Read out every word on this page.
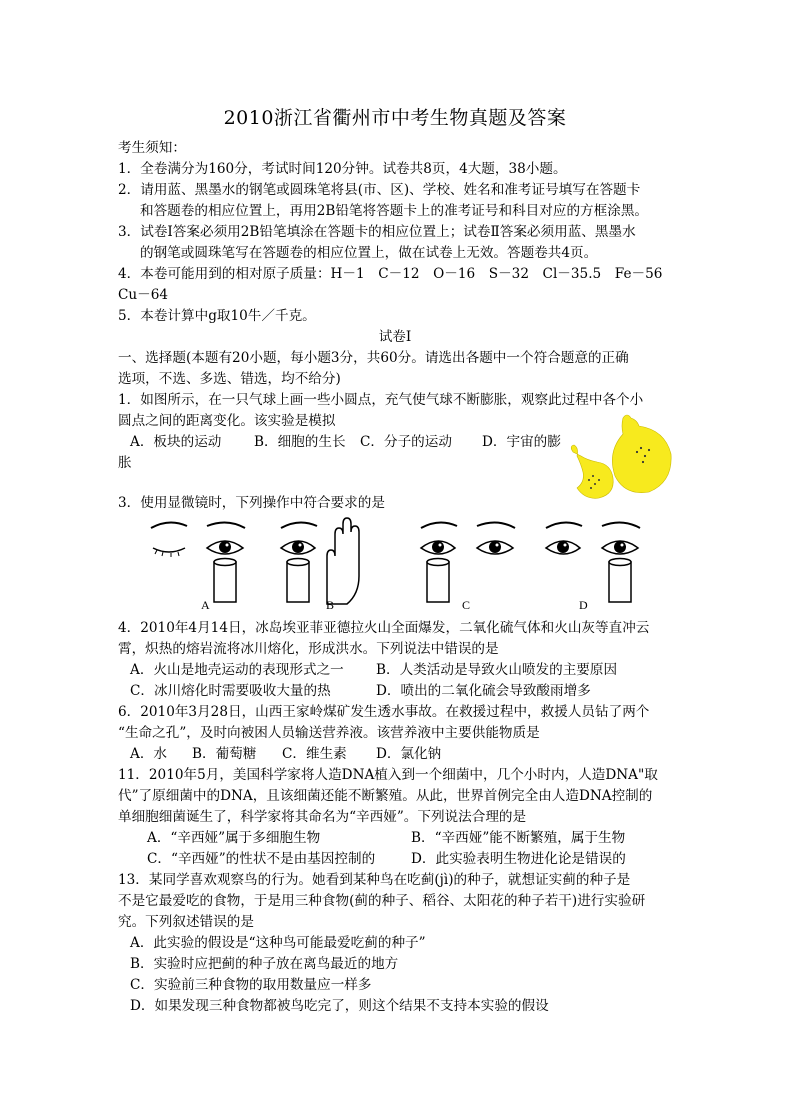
2010浙江省衢州市中考生物真题及答案
考生须知：
1．全卷满分为160分，考试时间120分钟。试卷共8页，4大题，38小题。
2．请用蓝、黑墨水的钢笔或圆珠笔将县(市、区)、学校、姓名和准考证号填写在答题卡
和答题卷的相应位置上，再用2B铅笔将答题卡上的准考证号和科目对应的方框涂黑。
3．试卷Ⅰ答案必须用2B铅笔填涂在答题卡的相应位置上；试卷Ⅱ答案必须用蓝、黑墨水
的钢笔或圆珠笔写在答题卷的相应位置上，做在试卷上无效。答题卷共4页。
4．本卷可能用到的相对原子质量：H－1　C－12　O－16　S－32　Cl－35.5　Fe－56
Cu－64
5．本卷计算中g取10牛／千克。
试卷Ⅰ
一、选择题(本题有20小题，每小题3分，共60分。请选出各题中一个符合题意的正确
选项，不选、多选、错选，均不给分)
1．如图所示，在一只气球上画一些小圆点，充气使气球不断膨胀，观察此过程中各个小
圆点之间的距离变化。该实验是模拟
A．板块的运动 B．细胞的生长 C．分子的运动 D．宇宙的膨
胀
3．使用显微镜时，下列操作中符合要求的是
A	B	C	D
4．2010年4月14日，冰岛埃亚菲亚德拉火山全面爆发，二氧化硫气体和火山灰等直冲云
霄，炽热的熔岩流将冰川熔化，形成洪水。下列说法中错误的是
A．火山是地壳运动的表现形式之一 B．人类活动是导致火山喷发的主要原因
C．冰川熔化时需要吸收大量的热	D．喷出的二氧化硫会导致酸雨增多
6．2010年3月28日，山西王家岭煤矿发生透水事故。在救援过程中，救援人员钻了两个
“生命之孔”，及时向被困人员输送营养液。该营养液中主要供能物质是
A．水 B．葡萄糖 C．维生素 D．氯化钠
11．2010年5月，美国科学家将人造DNA植入到一个细菌中，几个小时内，人造DNA"取
代”了原细菌中的DNA，且该细菌还能不断繁殖。从此，世界首例完全由人造DNA控制的
单细胞细菌诞生了，科学家将其命名为“辛西娅”。下列说法合理的是
A．“辛西娅”属于多细胞生物	B．“辛西娅”能不断繁殖，属于生物
C．“辛西娅”的性状不是由基因控制的	D．此实验表明生物进化论是错误的
13．某同学喜欢观察鸟的行为。她看到某种鸟在吃蓟(jì)的种子，就想证实蓟的种子是
不是它最爱吃的食物，于是用三种食物(蓟的种子、稻谷、太阳花的种子若干)进行实验研
究。下列叙述错误的是
A．此实验的假设是“这种鸟可能最爱吃蓟的种子”
B．实验时应把蓟的种子放在离鸟最近的地方
C．实验前三种食物的取用数量应一样多
D．如果发现三种食物都被鸟吃完了，则这个结果不支持本实验的假设
